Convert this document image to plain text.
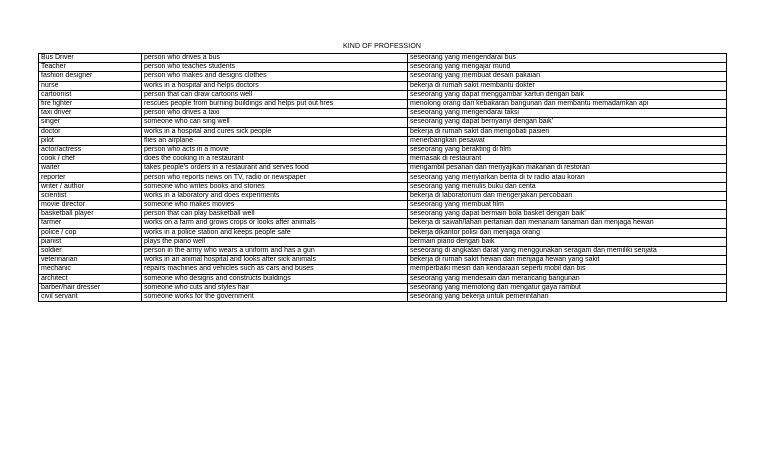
KIND OF PROFESSION
Bus Driver	person who drives a bus	seseorang yang mengendarai bus
Teacher	person who teaches students	seseorang yang mengajar murid
fashion designer	person who makes and designs clothes	seseorang yang membuat desain pakaian
nurse	works in a hospital and helps doctors	bekerja di rumah sakit membantu dokter
cartoonist	person that can draw cartoons well	seseorang yang dapat menggambar kartun dengan baik
fire fighter	rescues people from burning buildings and helps put out fires	menolong orang dari kebakaran bangunan dan membantu memadamkan api
taxi driver	person who drives a taxi	seseorang yang mengendarai taksi
singer	someone who can sing well	seseorang yang dapat bernyanyi dengan baik'
doctor	works in a hospital and cures sick people	bekerja di rumah sakit dan mengobati pasien
pilot	flies an airplane	menerbangkan pesawat
actor/actress	person who acts in a movie	seseorang yang berakting di film
cook / chef	does the cooking in a restaurant	memasak di restaurant
waiter	takes people's orders in a restaurant and serves food	mengambil pesanan dan menyajikan makanan di restoran
reporter	person who reports news on TV, radio or newspaper	seseorang yang menyiarkan berita di tv radio atau koran
writer / author	someone who writes books and stories	seseorang yang menulis buku dan cerita
scientist	works in a laboratory and does experiments	bekerja di laboratorium dan mengerjakan percobaan
movie director	someone who makes movies	seseorang yang membuat film
basketball player	person that can play basketball well	seseorang yang dapat bermain bola basket dengan baik'
farmer	works on a farm and grows crops or looks after animals	bekerja di sawah/lahan pertanian dan menanam tanaman dan menjaga hewan
police / cop	works in a police station and keeps people safe	bekerja dikantor polisi dan menjaga orang
pianist	plays the piano well	bermain piano dengan baik
soldier	person in the army who wears a uniform and has a gun	seseorang di angkatan darat yang menggunakan seragam dan memiliki senjata
veterinarian	works in an animal hospital and looks after sick animals	bekerja di rumah sakit hewan dan menjaga hewan yang sakit
mechanic	repairs machines and vehicles such as cars and buses	memperbaiki mesin dan kendaraan seperti mobil dan bis
architect	someone who designs and constructs buildings	seseorang yang mendesain dan merancang bangunan
barber/hair dresser	someone who cuts and styles hair	seseorang yang memotong dan mengatur gaya rambut
civil servant	someone works for the government	seseorang yang bekerja untuk pemerintahan
